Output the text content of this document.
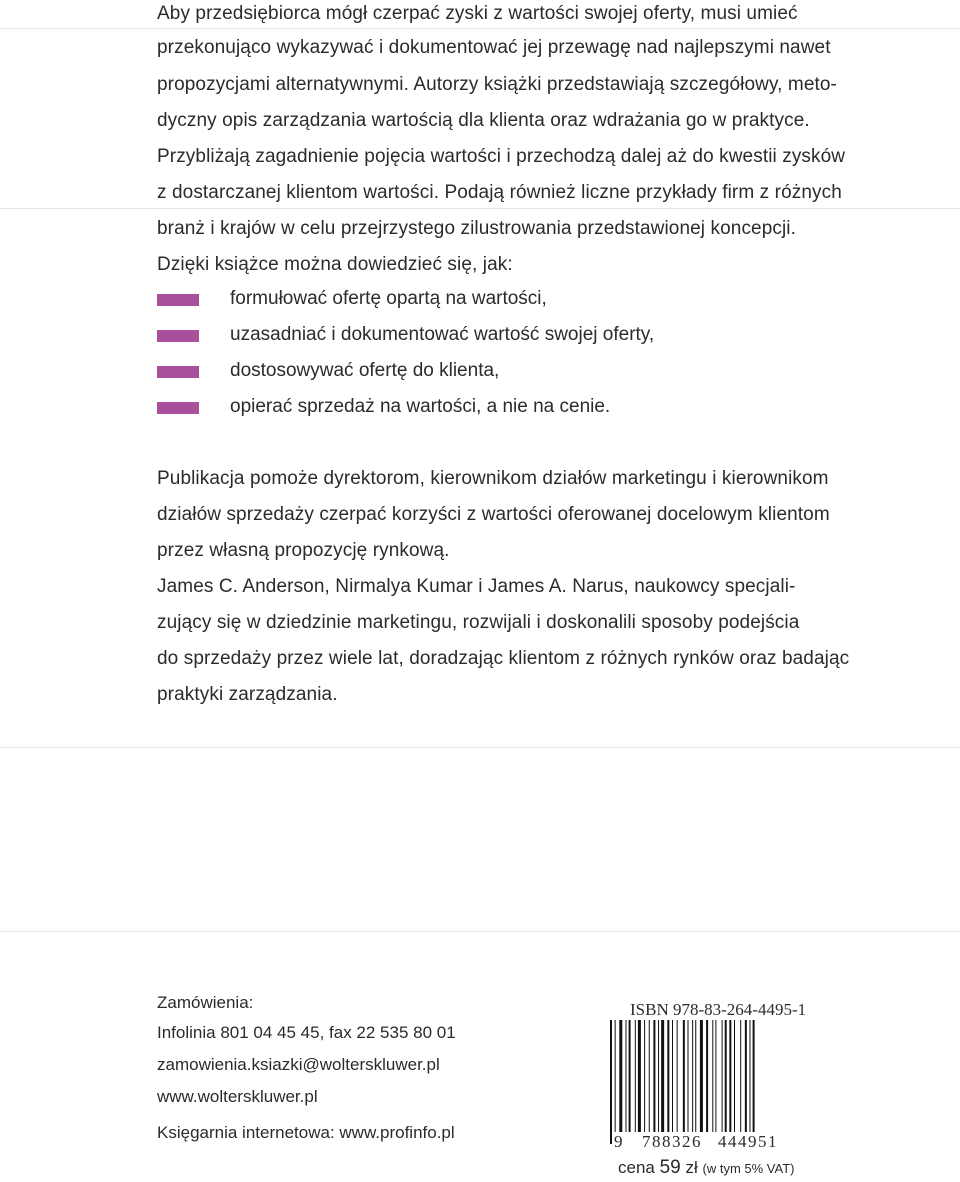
Aby przedsiębiorca mógł czerpać zyski z wartości swojej oferty, musi umieć
przekonująco wykazywać i dokumentować jej przewagę nad najlepszymi nawet
propozycjami alternatywnymi. Autorzy książki przedstawiają szczegółowy, meto-
dyczny opis zarządzania wartością dla klienta oraz wdrażania go w praktyce.
Przybliżają zagadnienie pojęcia wartości i przechodzą dalej aż do kwestii zysków
z dostarczanej klientom wartości. Podają również liczne przykłady firm z różnych
branż i krajów w celu przejrzystego zilustrowania przedstawionej koncepcji.
Dzięki książce można dowiedzieć się, jak:
formułować ofertę opartą na wartości,
uzasadniać i dokumentować wartość swojej oferty,
dostosowywać ofertę do klienta,
opierać sprzedaż na wartości, a nie na cenie.
Publikacja pomoże dyrektorom, kierownikom działów marketingu i kierownikom
działów sprzedaży czerpać korzyści z wartości oferowanej docelowym klientom
przez własną propozycję rynkową.
James C. Anderson, Nirmalya Kumar i James A. Narus, naukowcy specjali-
zujący się w dziedzinie marketingu, rozwijali i doskonalili sposoby podejścia
do sprzedaży przez wiele lat, doradzając klientom z różnych rynków oraz badając
praktyki zarządzania.
Zamówienia:
Infolinia 801 04 45 45, fax 22 535 80 01
zamowienia.ksiazki@wolterskluwer.pl
www.wolterskluwer.pl
Księgarnia internetowa: www.profinfo.pl
ISBN 978-83-264-4495-1
9 788326 444951
cena 59 zł (w tym 5% VAT)
